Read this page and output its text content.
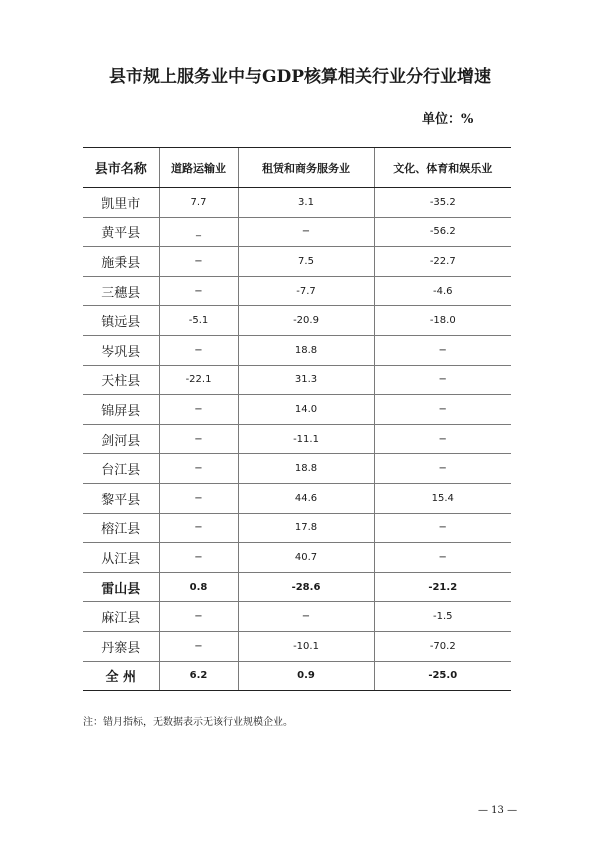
县市规上服务业中与GDP核算相关行业分行业增速
单位：%
县市名称	道路运输业	租赁和商务服务业	文化、体育和娱乐业
凯里市	7.7	3.1	-35.2
黄平县	_	−	-56.2
施秉县	−	7.5	-22.7
三穗县	−	-7.7	-4.6
镇远县	-5.1	-20.9	-18.0
岑巩县	−	18.8	−
天柱县	-22.1	31.3	−
锦屏县	−	14.0	−
剑河县	−	-11.1	−
台江县	−	18.8	−
黎平县	−	44.6	15.4
榕江县	−	17.8	−
从江县	−	40.7	−
雷山县	0.8	-28.6	-21.2
麻江县	−	−	-1.5
丹寨县	−	-10.1	-70.2
全 州	6.2	0.9	-25.0
注：错月指标，无数据表示无该行业规模企业。
— 13 —
